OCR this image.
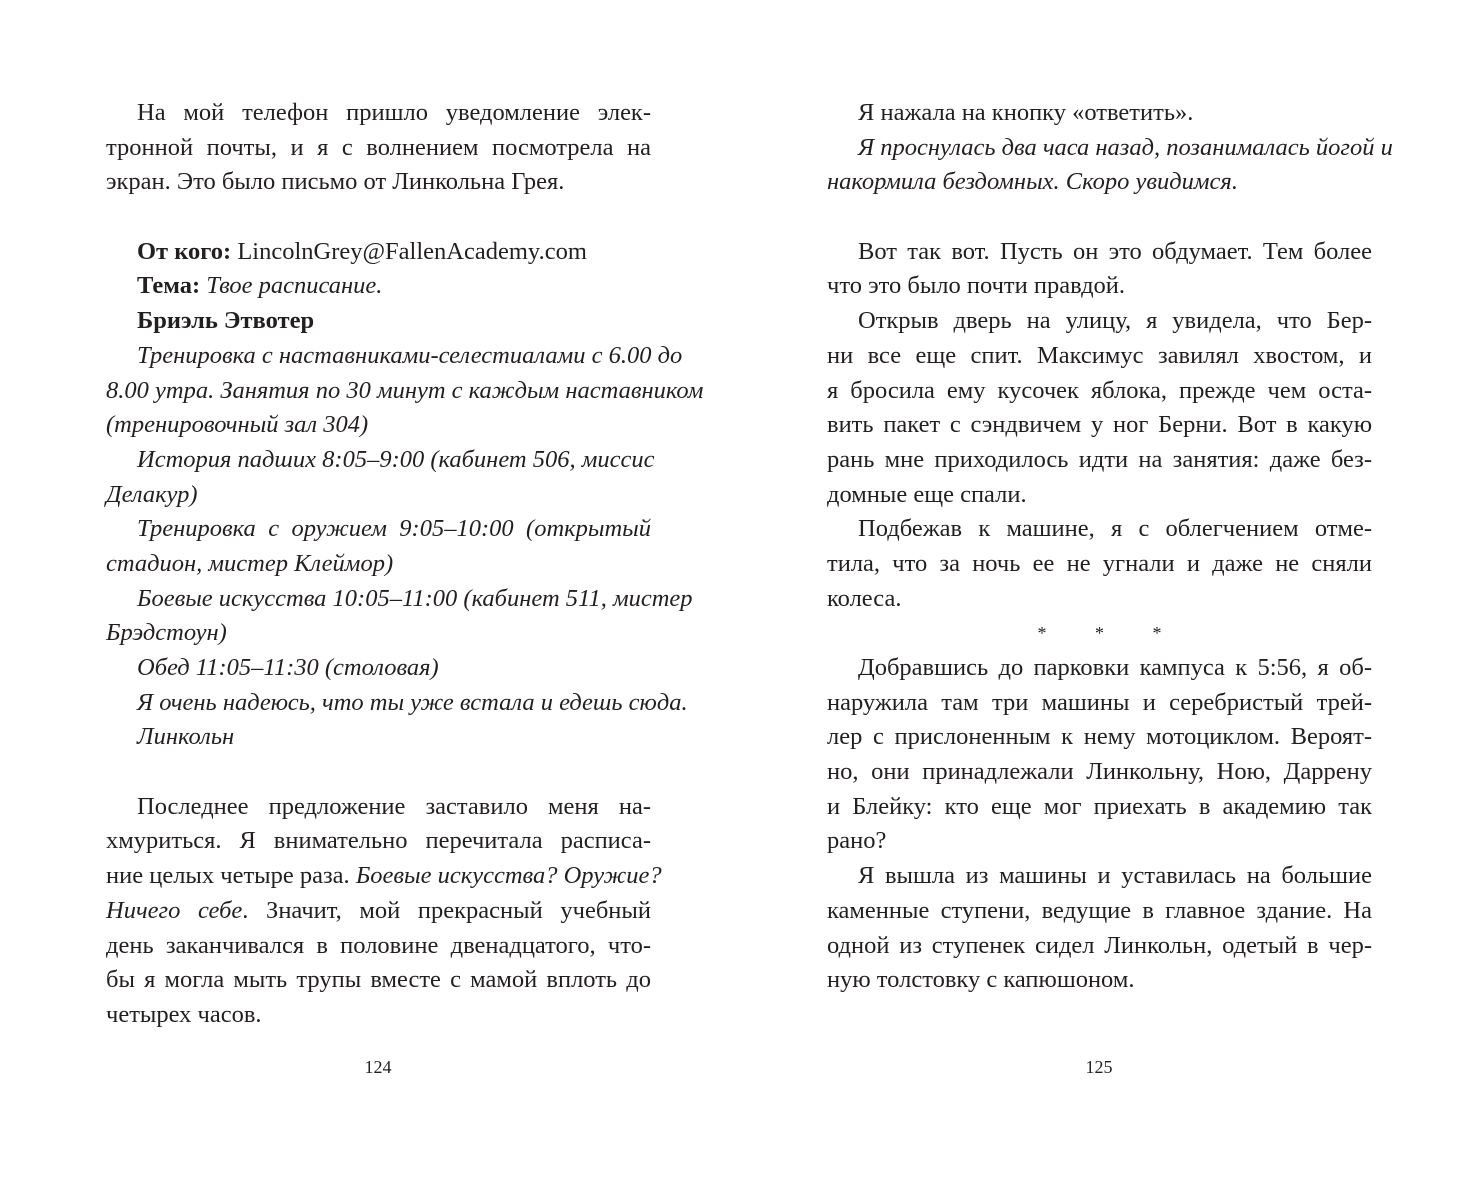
На мой телефон пришло уведомление элек-
тронной почты, и я с волнением посмотрела на
экран. Это было письмо от Линкольна Грея.
От кого: LincolnGrey@FallenAcademy.com
Тема: Твое расписание.
Бриэль Этвотер
Тренировка с наставниками-селестиалами с 6.00 до
8.00 утра. Занятия по 30 минут с каждым наставником
(тренировочный зал 304)
История падших 8:05–9:00 (кабинет 506, миссис
Делакур)
Тренировка с оружием 9:05–10:00 (открытый
стадион, мистер Клеймор)
Боевые искусства 10:05–11:00 (кабинет 511, мистер
Брэдстоун)
Обед 11:05–11:30 (столовая)
Я очень надеюсь, что ты уже встала и едешь сюда.
Линкольн
Последнее предложение заставило меня на-
хмуриться. Я внимательно перечитала расписа-
ние целых четыре раза. Боевые искусства? Оружие?
Ничего себе. Значит, мой прекрасный учебный
день заканчивался в половине двенадцатого, что-
бы я могла мыть трупы вместе с мамой вплоть до
четырех часов.
124
Я нажала на кнопку «ответить».
Я проснулась два часа назад, позанималась йогой и
накормила бездомных. Скоро увидимся.
Вот так вот. Пусть он это обдумает. Тем более
что это было почти правдой.
Открыв дверь на улицу, я увидела, что Бер-
ни все еще спит. Максимус завилял хвостом, и
я бросила ему кусочек яблока, прежде чем оста-
вить пакет с сэндвичем у ног Берни. Вот в какую
рань мне приходилось идти на занятия: даже без-
домные еще спали.
Подбежав к машине, я с облегчением отме-
тила, что за ночь ее не угнали и даже не сняли
колеса.
* * *
Добравшись до парковки кампуса к 5:56, я об-
наружила там три машины и серебристый трей-
лер с прислоненным к нему мотоциклом. Вероят-
но, они принадлежали Линкольну, Ною, Даррену
и Блейку: кто еще мог приехать в академию так
рано?
Я вышла из машины и уставилась на большие
каменные ступени, ведущие в главное здание. На
одной из ступенек сидел Линкольн, одетый в чер-
ную толстовку с капюшоном.
125
